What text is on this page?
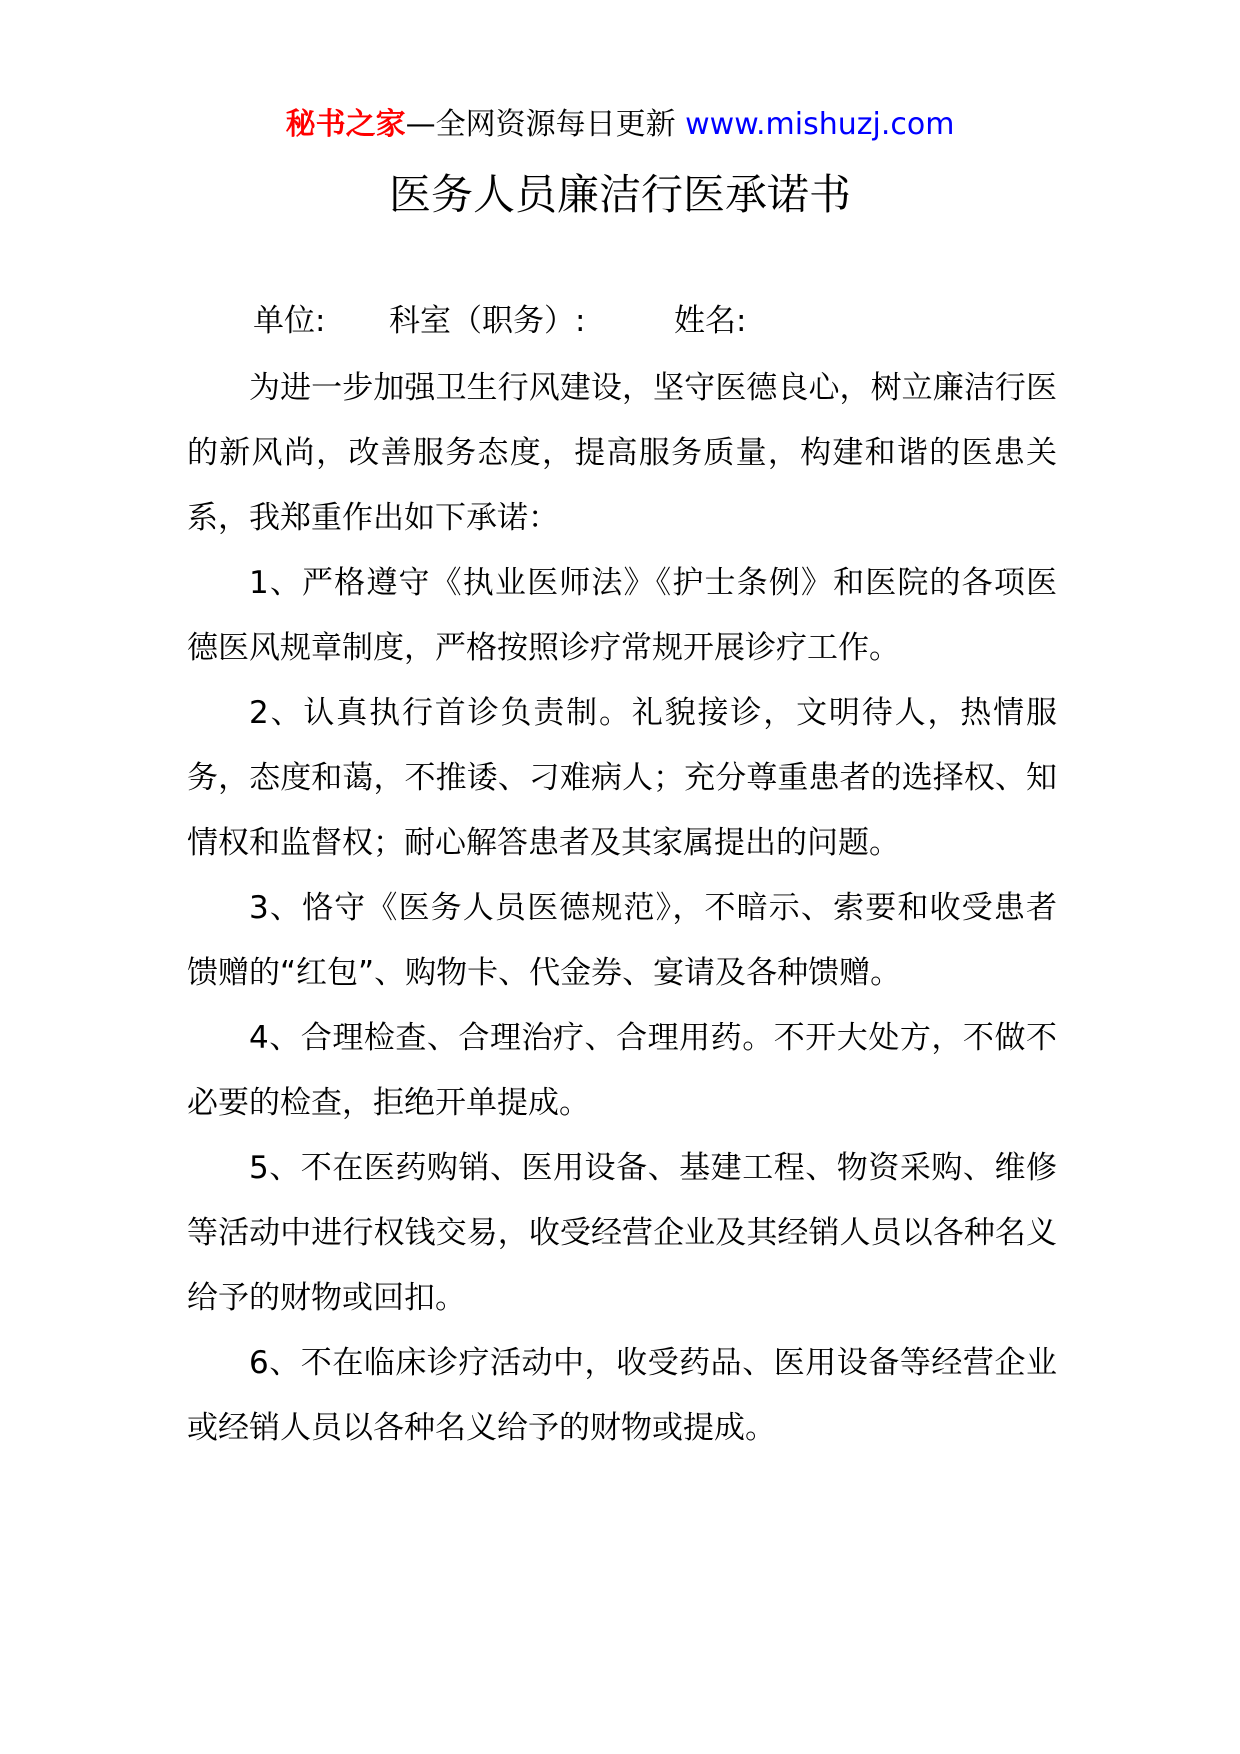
秘书之家—全网资源每日更新 www.mishuzj.com
医务人员廉洁行医承诺书
单位: 科室（职务）:	姓名:

为进一步加强卫生行风建设，坚守医德良心，树立廉洁行医的新风尚，改善服务态度，提高服务质量，构建和谐的医患关系，我郑重作出如下承诺：

1、严格遵守《执业医师法》《护士条例》和医院的各项医德医风规章制度，严格按照诊疗常规开展诊疗工作。

2、认真执行首诊负责制。礼貌接诊，文明待人，热情服务，态度和蔼，不推诿、刁难病人；充分尊重患者的选择权、知情权和监督权；耐心解答患者及其家属提出的问题。

3、恪守《医务人员医德规范》，不暗示、索要和收受患者馈赠的“红包”、购物卡、代金券、宴请及各种馈赠。

4、合理检查、合理治疗、合理用药。不开大处方，不做不必要的检查，拒绝开单提成。

5、不在医药购销、医用设备、基建工程、物资采购、维修等活动中进行权钱交易，收受经营企业及其经销人员以各种名义给予的财物或回扣。

6、不在临床诊疗活动中，收受药品、医用设备等经营企业或经销人员以各种名义给予的财物或提成。
